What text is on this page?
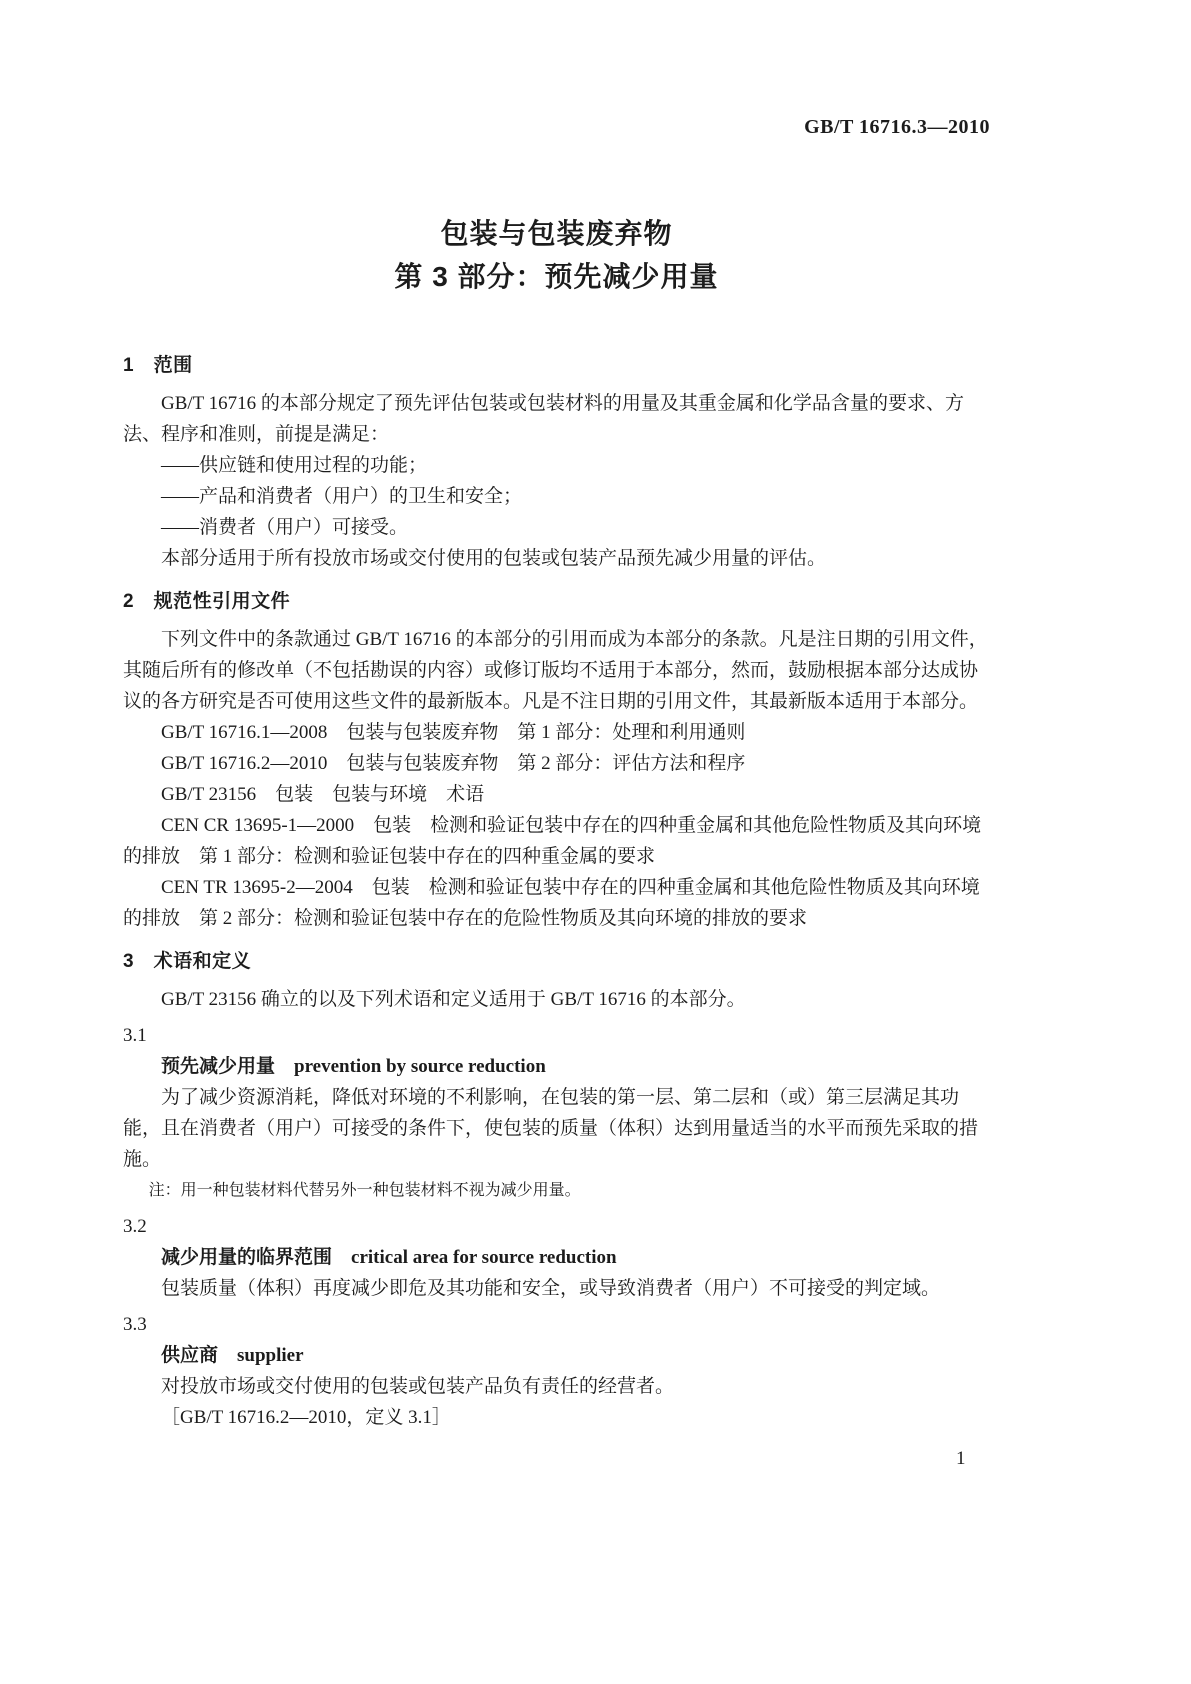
GB/T 16716.3—2010
包装与包装废弃物
第 3 部分：预先减少用量
1　范围
GB/T 16716 的本部分规定了预先评估包装或包装材料的用量及其重金属和化学品含量的要求、方法、程序和准则，前提是满足：
——供应链和使用过程的功能；
——产品和消费者（用户）的卫生和安全；
——消费者（用户）可接受。
本部分适用于所有投放市场或交付使用的包装或包装产品预先减少用量的评估。
2　规范性引用文件
下列文件中的条款通过 GB/T 16716 的本部分的引用而成为本部分的条款。凡是注日期的引用文件，其随后所有的修改单（不包括勘误的内容）或修订版均不适用于本部分，然而，鼓励根据本部分达成协议的各方研究是否可使用这些文件的最新版本。凡是不注日期的引用文件，其最新版本适用于本部分。
GB/T 16716.1—2008　包装与包装废弃物　第 1 部分：处理和利用通则
GB/T 16716.2—2010　包装与包装废弃物　第 2 部分：评估方法和程序
GB/T 23156　包装　包装与环境　术语
CEN CR 13695-1—2000　包装　检测和验证包装中存在的四种重金属和其他危险性物质及其向环境的排放　第 1 部分：检测和验证包装中存在的四种重金属的要求
CEN TR 13695-2—2004　包装　检测和验证包装中存在的四种重金属和其他危险性物质及其向环境的排放　第 2 部分：检测和验证包装中存在的危险性物质及其向环境的排放的要求
3　术语和定义
GB/T 23156 确立的以及下列术语和定义适用于 GB/T 16716 的本部分。
3.1
预先减少用量 prevention by source reduction
为了减少资源消耗，降低对环境的不利影响，在包装的第一层、第二层和（或）第三层满足其功能，且在消费者（用户）可接受的条件下，使包装的质量（体积）达到用量适当的水平而预先采取的措施。
注：用一种包装材料代替另外一种包装材料不视为减少用量。
3.2
减少用量的临界范围 critical area for source reduction
包装质量（体积）再度减少即危及其功能和安全，或导致消费者（用户）不可接受的判定域。
3.3
供应商 supplier
对投放市场或交付使用的包装或包装产品负有责任的经营者。
［GB/T 16716.2—2010，定义 3.1］
1
